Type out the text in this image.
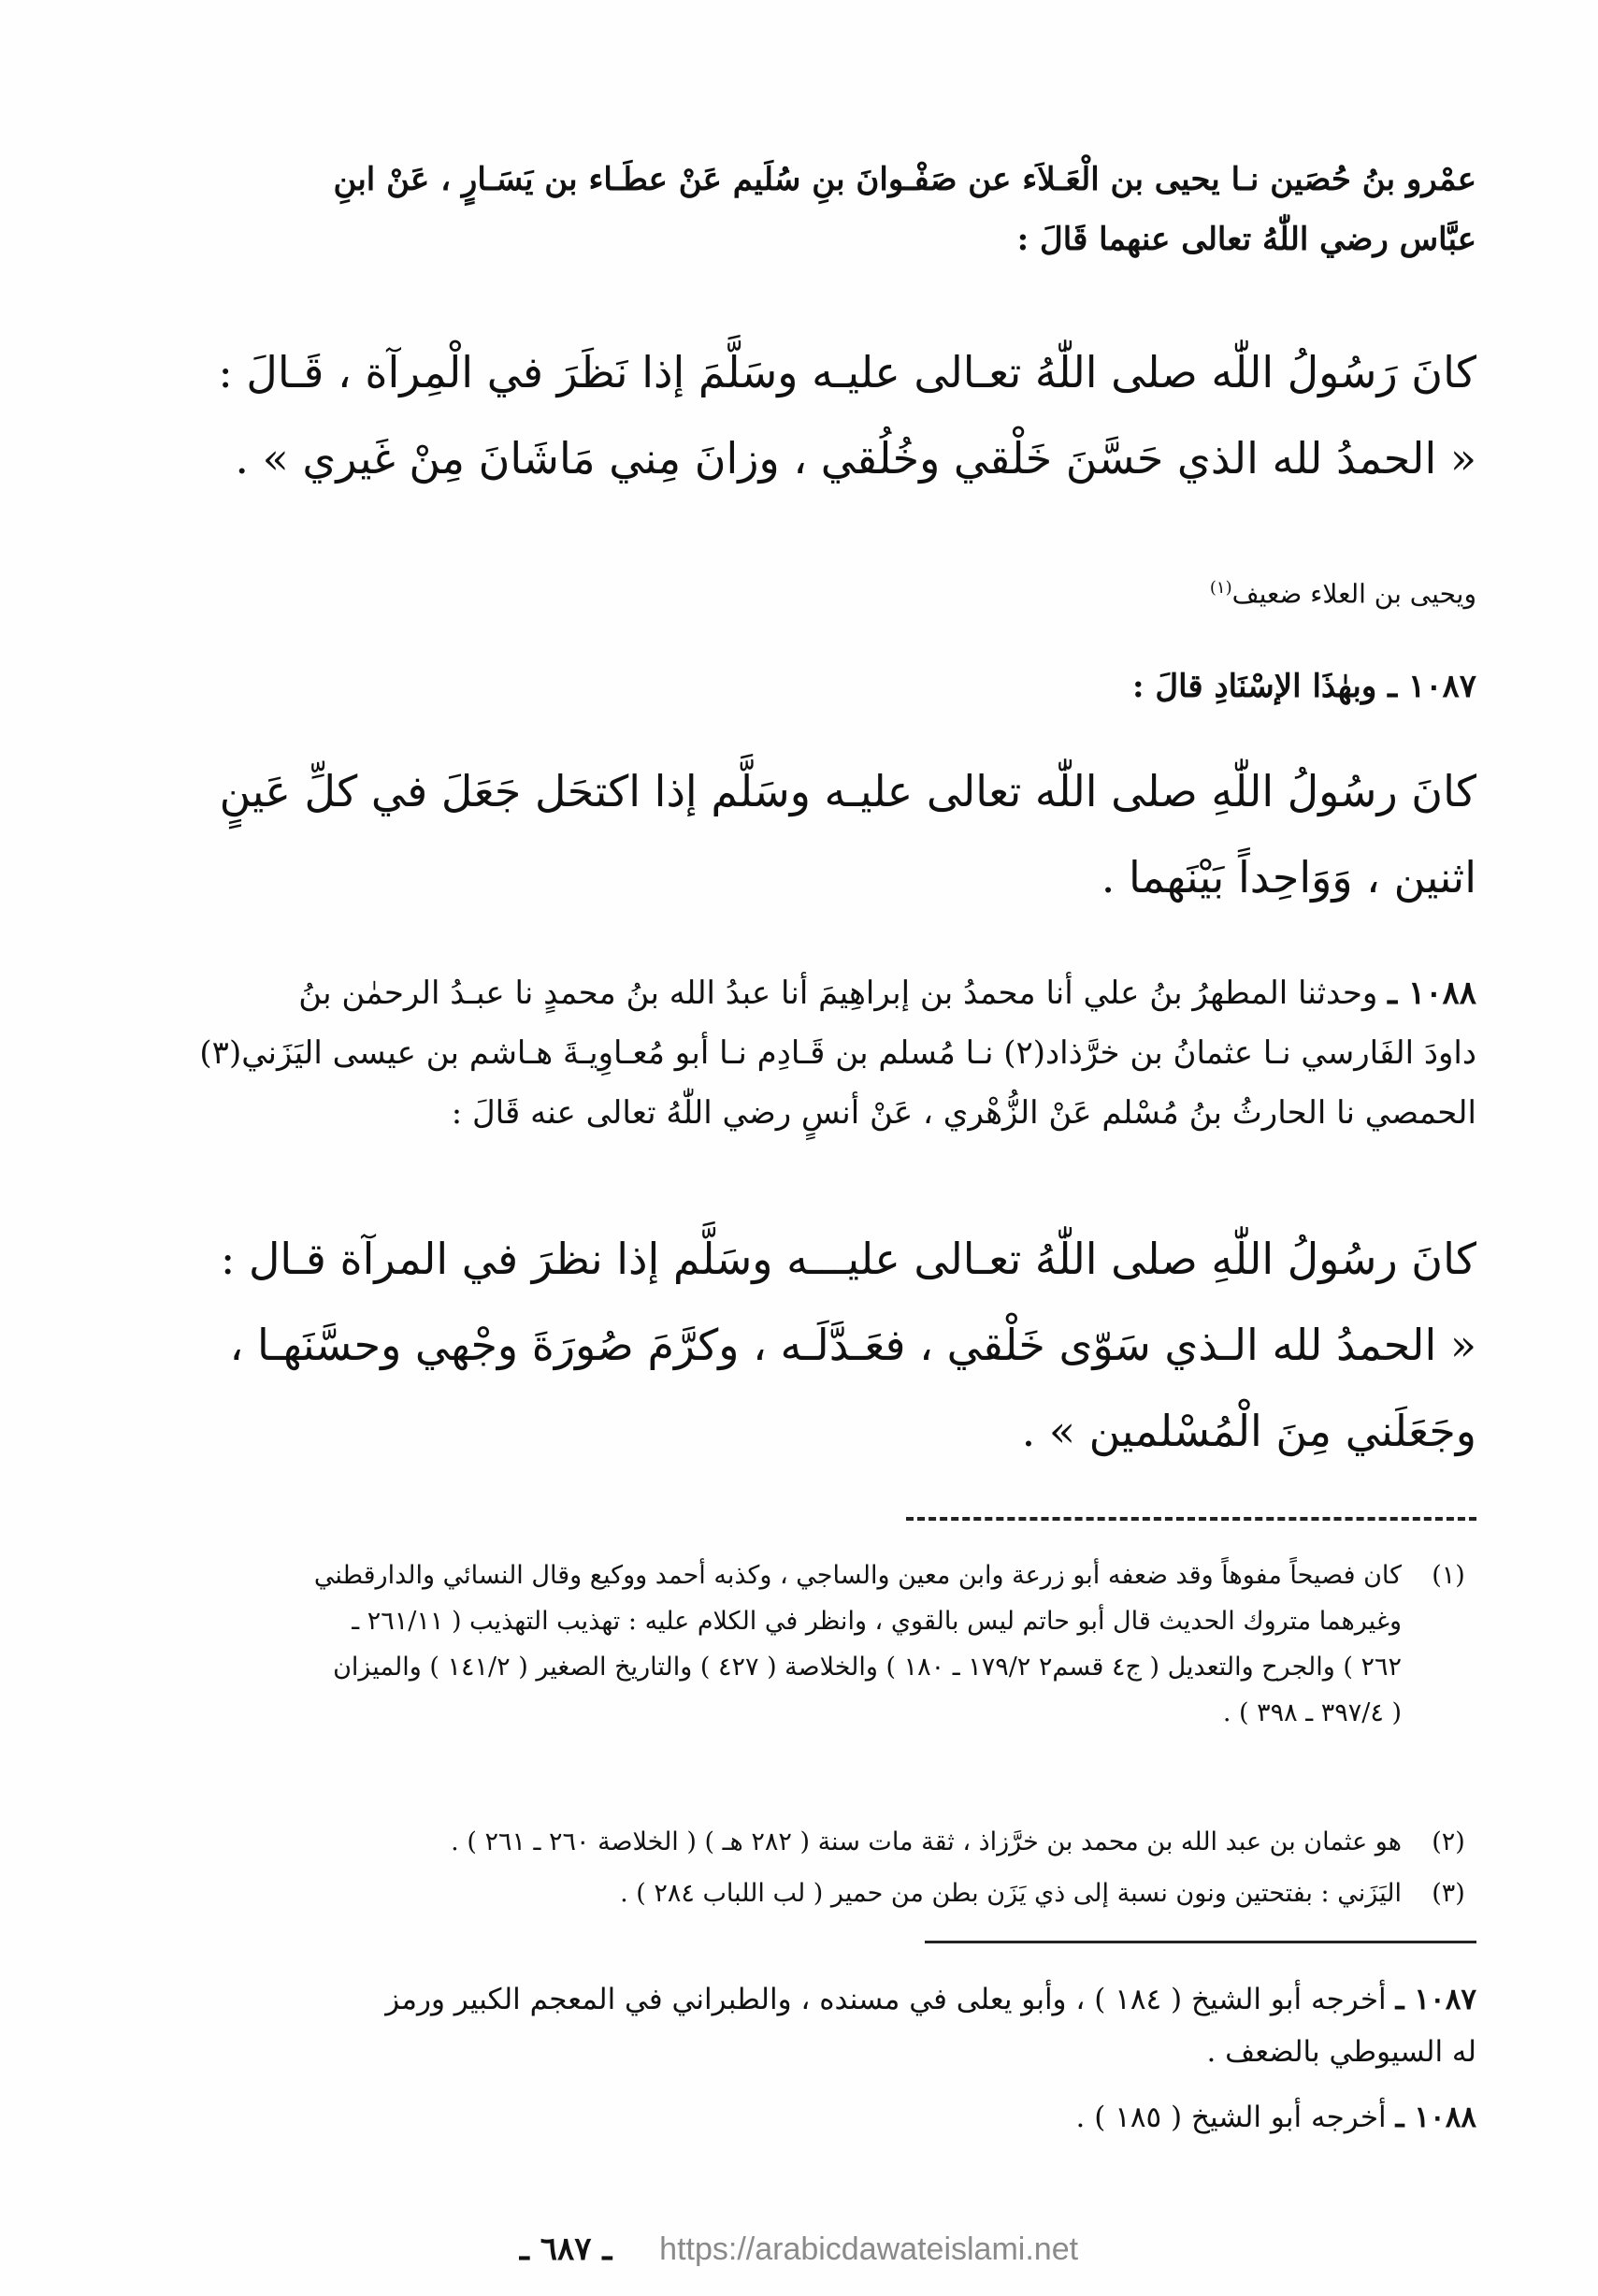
عمْرو بنُ حُصَين نـا يحيى بن الْعَـلاَء عن صَفْـوانَ بنِ سُلَيم عَنْ عطَـاء بن يَسَـارٍ ، عَنْ ابنِ
عبَّاس رضي اللّٰهُ تعالى عنهما قَالَ :
كانَ رَسُولُ اللّٰه صلى اللّٰهُ تعـالى عليـه وسَلَّمَ إذا نَظَرَ في الْمِرآة ، قَـالَ :
« الحمدُ لله الذي حَسَّنَ خَلْقي وخُلُقي ، وزانَ مِني مَاشَانَ مِنْ غَيري » .
ويحيى بن العلاء ضعيف$^{(١)}$
١٠٨٧ ـ وبهٰذَا الإسْنَادِ قالَ :
كانَ رسُولُ اللّٰهِ صلى اللّٰه تعالى عليـه وسَلَّم إذا اكتحَل جَعَلَ في كلِّ عَينٍ
اثنين ، وَوَاحِداً بَيْنَهما .
١٠٨٨ ـ وحدثنا المطهرُ بنُ علي أنا محمدُ بن إبراهِيمَ أنا عبدُ الله بنُ محمدٍ نا عبـدُ الرحمٰن بنُ
داودَ الفَارسي نـا عثمانُ بن خرَّذاد(٢) نـا مُسلم بن قَـادِم نـا أبو مُعـاوِيـةَ هـاشم بن عيسى اليَزَني(٣)
الحمصي نا الحارثُ بنُ مُسْلم عَنْ الزُّهْري ، عَنْ أنسٍ رضي اللّٰهُ تعالى عنه قَالَ :
كانَ رسُولُ اللّٰهِ صلى اللّٰهُ تعـالى عليـــه وسَلَّم إذا نظرَ في المرآة قـال :
« الحمدُ لله الـذي سَوّى خَلْقي ، فعَـدَّلَـه ، وكرَّمَ صُورَةَ وجْهي وحسَّنَهـا ،
وجَعَلَني مِنَ الْمُسْلمين » .
(١)
كان فصيحاً مفوهاً وقد ضعفه أبو زرعة وابن معين والساجي ، وكذبه أحمد ووكيع وقال النسائي والدارقطني
وغيرهما متروك الحديث قال أبو حاتم ليس بالقوي ، وانظر في الكلام عليه : تهذيب التهذيب ( ٢٦١/١١ ـ
٢٦٢ ) والجرح والتعديل ( ج٤ قسم٢ ١٧٩/٢ ـ ١٨٠ ) والخلاصة ( ٤٢٧ ) والتاريخ الصغير ( ١٤١/٢ ) والميزان
( ٣٩٧/٤ ـ ٣٩٨ ) .
(٢)
هو عثمان بن عبد الله بن محمد بن خرَّزاذ ، ثقة مات سنة ( ٢٨٢ هـ ) ( الخلاصة ٢٦٠ ـ ٢٦١ ) .
(٣)
اليَزَني : بفتحتين ونون نسبة إلى ذي يَزَن بطن من حمير ( لب اللباب ٢٨٤ ) .
١٠٨٧ ـ أخرجه أبو الشيخ ( ١٨٤ ) ، وأبو يعلى في مسنده ، والطبراني في المعجم الكبير ورمز
له السيوطي بالضعف .
١٠٨٨ ـ أخرجه أبو الشيخ ( ١٨٥ ) .
ـ ٦٨٧ ـ https://arabicdawateislami.net
